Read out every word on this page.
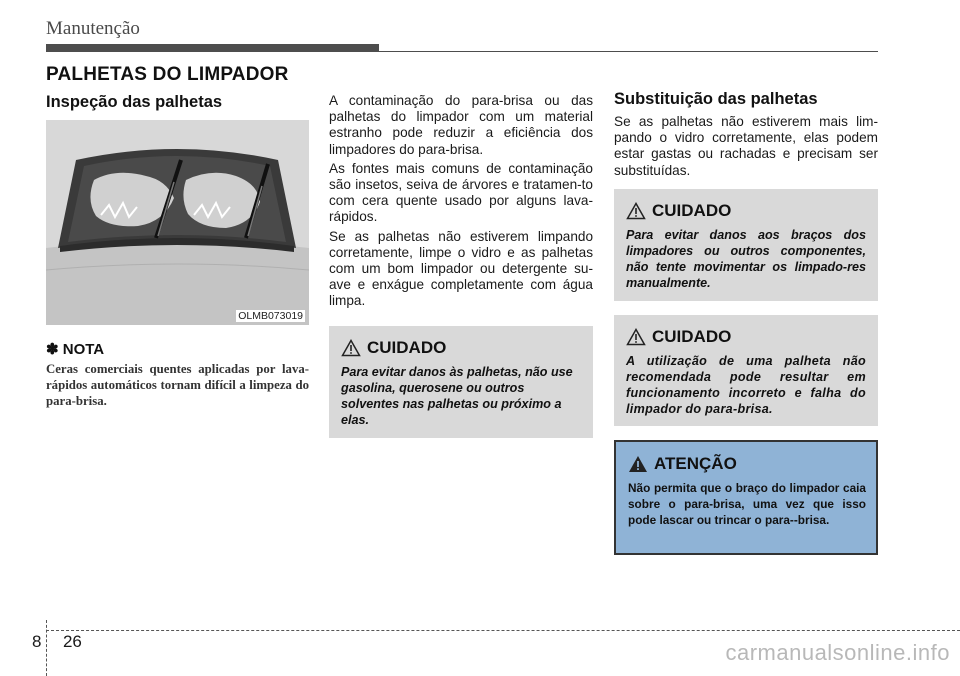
Manutenção
PALHETAS DO LIMPADOR
Inspeção das palhetas
OLMB073019
✽ NOTA
Ceras comerciais quentes aplicadas por lava-rápidos automáticos tornam difícil a limpeza do para-brisa.

A contaminação do para-brisa ou das palhetas do limpador com um material estranho pode reduzir a eficiência dos limpadores do para-brisa.

As fontes mais comuns de contaminação são insetos, seiva de árvores e tratamen-to com cera quente usado por alguns lava-rápidos.

Se as palhetas não estiverem limpando corretamente, limpe o vidro e as palhetas com um bom limpador ou detergente su-ave e enxágue completamente com água limpa.

CUIDADO
Para evitar danos às palhetas, não use gasolina, querosene ou outros solventes nas palhetas ou próximo a elas.
Substituição das palhetas
Se as palhetas não estiverem mais lim-pando o vidro corretamente, elas podem estar gastas ou rachadas e precisam ser substituídas.
CUIDADO
Para evitar danos aos braços dos limpadores ou outros componentes, não tente movimentar os limpado-res manualmente.
CUIDADO
A utilização de uma palheta não recomendada pode resultar em funcionamento incorreto e falha do limpador do para-brisa.
ATENÇÃO
Não permita que o braço do limpador caia sobre o para-brisa, uma vez que isso pode lascar ou trincar o para--brisa.
8 26	carmanualsonline.info
